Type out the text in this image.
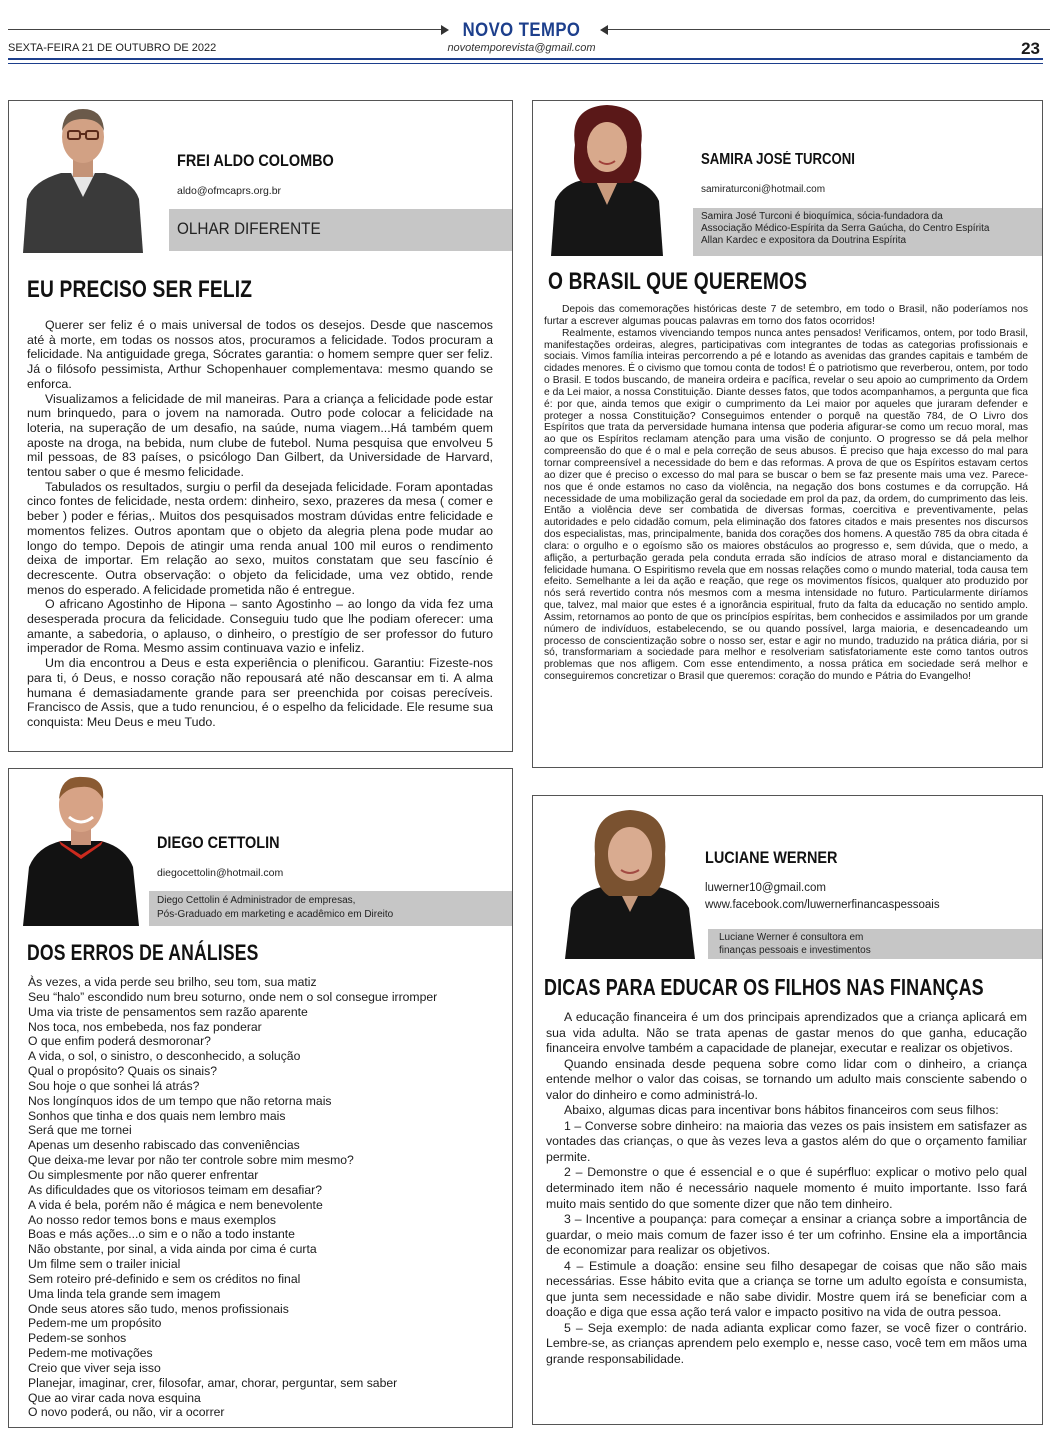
NOVO TEMPO
SEXTA-FEIRA 21 DE OUTUBRO DE 2022	novotemporevista@gmail.com	23
FREI ALDO COLOMBO
aldo@ofmcaprs.org.br
OLHAR DIFERENTE
EU PRECISO SER FELIZ

Querer ser feliz é o mais universal de todos os desejos. Desde que nascemos até à morte, em todas os nossos atos, procuramos a felicidade. Todos procuram a felicidade. Na antiguidade grega, Sócrates garantia: o homem sempre quer ser feliz. Já o filósofo pessimista, Arthur Schopenhauer complementava: mesmo quando se enforca.

Visualizamos a felicidade de mil maneiras. Para a criança a felicidade pode estar num brinquedo, para o jovem na namorada. Outro pode colocar a felicidade na loteria, na superação de um desafio, na saúde, numa viagem...Há também quem aposte na droga, na bebida, num clube de futebol. Numa pesquisa que envolveu 5 mil pessoas, de 83 países, o psicólogo Dan Gilbert, da Universidade de Harvard, tentou saber o que é mesmo felicidade.

Tabulados os resultados, surgiu o perfil da desejada felicidade. Foram apontadas cinco fontes de felicidade, nesta ordem: dinheiro, sexo, prazeres da mesa ( comer e beber ) poder e férias,. Muitos dos pesquisados mostram dúvidas entre felicidade e momentos felizes. Outros apontam que o objeto da alegria plena pode mudar ao longo do tempo. Depois de atingir uma renda anual 100 mil euros o rendimento deixa de importar. Em relação ao sexo, muitos constatam que seu fascínio é decrescente. Outra observação: o objeto da felicidade, uma vez obtido, rende menos do esperado. A felicidade prometida não é entregue.

O africano Agostinho de Hipona – santo Agostinho – ao longo da vida fez uma desesperada procura da felicidade. Conseguiu tudo que lhe podiam oferecer: uma amante, a sabedoria, o aplauso, o dinheiro, o prestígio de ser professor do futuro imperador de Roma. Mesmo assim continuava vazio e infeliz.

Um dia encontrou a Deus e esta experiência o plenificou. Garantiu: Fizeste-nos para ti, ó Deus, e nosso coração não repousará até não descansar em ti. A alma humana é demasiadamente grande para ser preenchida por coisas perecíveis. Francisco de Assis, que a tudo renunciou, é o espelho da felicidade. Ele resume sua conquista: Meu Deus e meu Tudo.

SAMIRA JOSÉ TURCONI
samiraturconi@hotmail.com
Samira José Turconi é bioquímica, sócia-fundadora da Associação Médico-Espírita da Serra Gaúcha, do Centro Espírita Allan Kardec e expositora da Doutrina Espírita
O BRASIL QUE QUEREMOS

Depois das comemorações históricas deste 7 de setembro, em todo o Brasil, não poderíamos nos furtar a escrever algumas poucas palavras em torno dos fatos ocorridos!

Realmente, estamos vivenciando tempos nunca antes pensados! Verificamos, ontem, por todo Brasil, manifestações ordeiras, alegres, participativas com integrantes de todas as categorias profissionais e sociais. Vimos família inteiras percorrendo a pé e lotando as avenidas das grandes capitais e também de cidades menores. É o civismo que tomou conta de todos! É o patriotismo que reverberou, ontem, por todo o Brasil. E todos buscando, de maneira ordeira e pacífica, revelar o seu apoio ao cumprimento da Ordem e da Lei maior, a nossa Constituição. Diante desses fatos, que todos acompanhamos, a pergunta que fica é: por que, ainda temos que exigir o cumprimento da Lei maior por aqueles que juraram defender e proteger a nossa Constituição? Conseguimos entender o porquê na questão 784, de O Livro dos Espíritos que trata da perversidade humana intensa que poderia afigurar-se como um recuo moral, mas ao que os Espíritos reclamam atenção para uma visão de conjunto. O progresso se dá pela melhor compreensão do que é o mal e pela correção de seus abusos. É preciso que haja excesso do mal para tornar compreensível a necessidade do bem e das reformas. A prova de que os Espíritos estavam certos ao dizer que é preciso o excesso do mal para se buscar o bem se faz presente mais uma vez. Parece-nos que é onde estamos no caso da violência, na negação dos bons costumes e da corrupção. Há necessidade de uma mobilização geral da sociedade em prol da paz, da ordem, do cumprimento das leis. Então a violência deve ser combatida de diversas formas, coercitiva e preventivamente, pelas autoridades e pelo cidadão comum, pela eliminação dos fatores citados e mais presentes nos discursos dos especialistas, mas, principalmente, banida dos corações dos homens. A questão 785 da obra citada é clara: o orgulho e o egoísmo são os maiores obstáculos ao progresso e, sem dúvida, que o medo, a aflição, a perturbação gerada pela conduta errada são indícios de atraso moral e distanciamento da felicidade humana. O Espiritismo revela que em nossas relações como o mundo material, toda causa tem efeito. Semelhante a lei da ação e reação, que rege os movimentos físicos, qualquer ato produzido por nós será revertido contra nós mesmos com a mesma intensidade no futuro. Particularmente diríamos que, talvez, mal maior que estes é a ignorância espiritual, fruto da falta da educação no sentido amplo. Assim, retornamos ao ponto de que os princípios espíritas, bem conhecidos e assimilados por um grande número de indivíduos, estabelecendo, se ou quando possível, larga maioria, e desencadeando um processo de conscientização sobre o nosso ser, estar e agir no mundo, traduzido na prática diária, por si só, transformariam a sociedade para melhor e resolveriam satisfatoriamente este como tantos outros problemas que nos afligem. Com esse entendimento, a nossa prática em sociedade será melhor e conseguiremos concretizar o Brasil que queremos: coração do mundo e Pátria do Evangelho!

DIEGO CETTOLIN
diegocettolin@hotmail.com
Diego Cettolin é Administrador de empresas,
Pós-Graduado em marketing e acadêmico em Direito
DOS ERROS DE ANÁLISES
Às vezes, a vida perde seu brilho, seu tom, sua matiz
Seu “halo” escondido num breu soturno, onde nem o sol consegue irromper
Uma via triste de pensamentos sem razão aparente
Nos toca, nos embebeda, nos faz ponderar
O que enfim poderá desmoronar?
A vida, o sol, o sinistro, o desconhecido, a solução
Qual o propósito? Quais os sinais?
Sou hoje o que sonhei lá atrás?
Nos longínquos idos de um tempo que não retorna mais
Sonhos que tinha e dos quais nem lembro mais
Será que me tornei
Apenas um desenho rabiscado das conveniências
Que deixa-me levar por não ter controle sobre mim mesmo?
Ou simplesmente por não querer enfrentar
As dificuldades que os vitoriosos teimam em desafiar?
A vida é bela, porém não é mágica e nem benevolente
Ao nosso redor temos bons e maus exemplos
Boas e más ações...o sim e o não a todo instante
Não obstante, por sinal, a vida ainda por cima é curta
Um filme sem o trailer inicial
Sem roteiro pré-definido e sem os créditos no final
Uma linda tela grande sem imagem
Onde seus atores são tudo, menos profissionais
Pedem-me um propósito
Pedem-se sonhos
Pedem-me motivações
Creio que viver seja isso
Planejar, imaginar, crer, filosofar, amar, chorar, perguntar, sem saber
Que ao virar cada nova esquina
O novo poderá, ou não, vir a ocorrer
LUCIANE WERNER
luwerner10@gmail.com
www.facebook.com/luwernerfinancaspessoais
Luciane Werner é consultora em
finanças pessoais e investimentos
DICAS PARA EDUCAR OS FILHOS NAS FINANÇAS

A educação financeira é um dos principais aprendizados que a criança aplicará em sua vida adulta. Não se trata apenas de gastar menos do que ganha, educação financeira envolve também a capacidade de planejar, executar e realizar os objetivos.

Quando ensinada desde pequena sobre como lidar com o dinheiro, a criança entende melhor o valor das coisas, se tornando um adulto mais consciente sabendo o valor do dinheiro e como administrá-lo.

Abaixo, algumas dicas para incentivar bons hábitos financeiros com seus filhos:

1 – Converse sobre dinheiro: na maioria das vezes os pais insistem em satisfazer as vontades das crianças, o que às vezes leva a gastos além do que o orçamento familiar permite.

2 – Demonstre o que é essencial e o que é supérfluo: explicar o motivo pelo qual determinado item não é necessário naquele momento é muito importante. Isso fará muito mais sentido do que somente dizer que não tem dinheiro.

3 – Incentive a poupança: para começar a ensinar a criança sobre a importância de guardar, o meio mais comum de fazer isso é ter um cofrinho. Ensine ela a importância de economizar para realizar os objetivos.

4 – Estimule a doação: ensine seu filho desapegar de coisas que não são mais necessárias. Esse hábito evita que a criança se torne um adulto egoísta e consumista, que junta sem necessidade e não sabe dividir. Mostre quem irá se beneficiar com a doação e diga que essa ação terá valor e impacto positivo na vida de outra pessoa.

5 – Seja exemplo: de nada adianta explicar como fazer, se você fizer o contrário. Lembre-se, as crianças aprendem pelo exemplo e, nesse caso, você tem em mãos uma grande responsabilidade.
